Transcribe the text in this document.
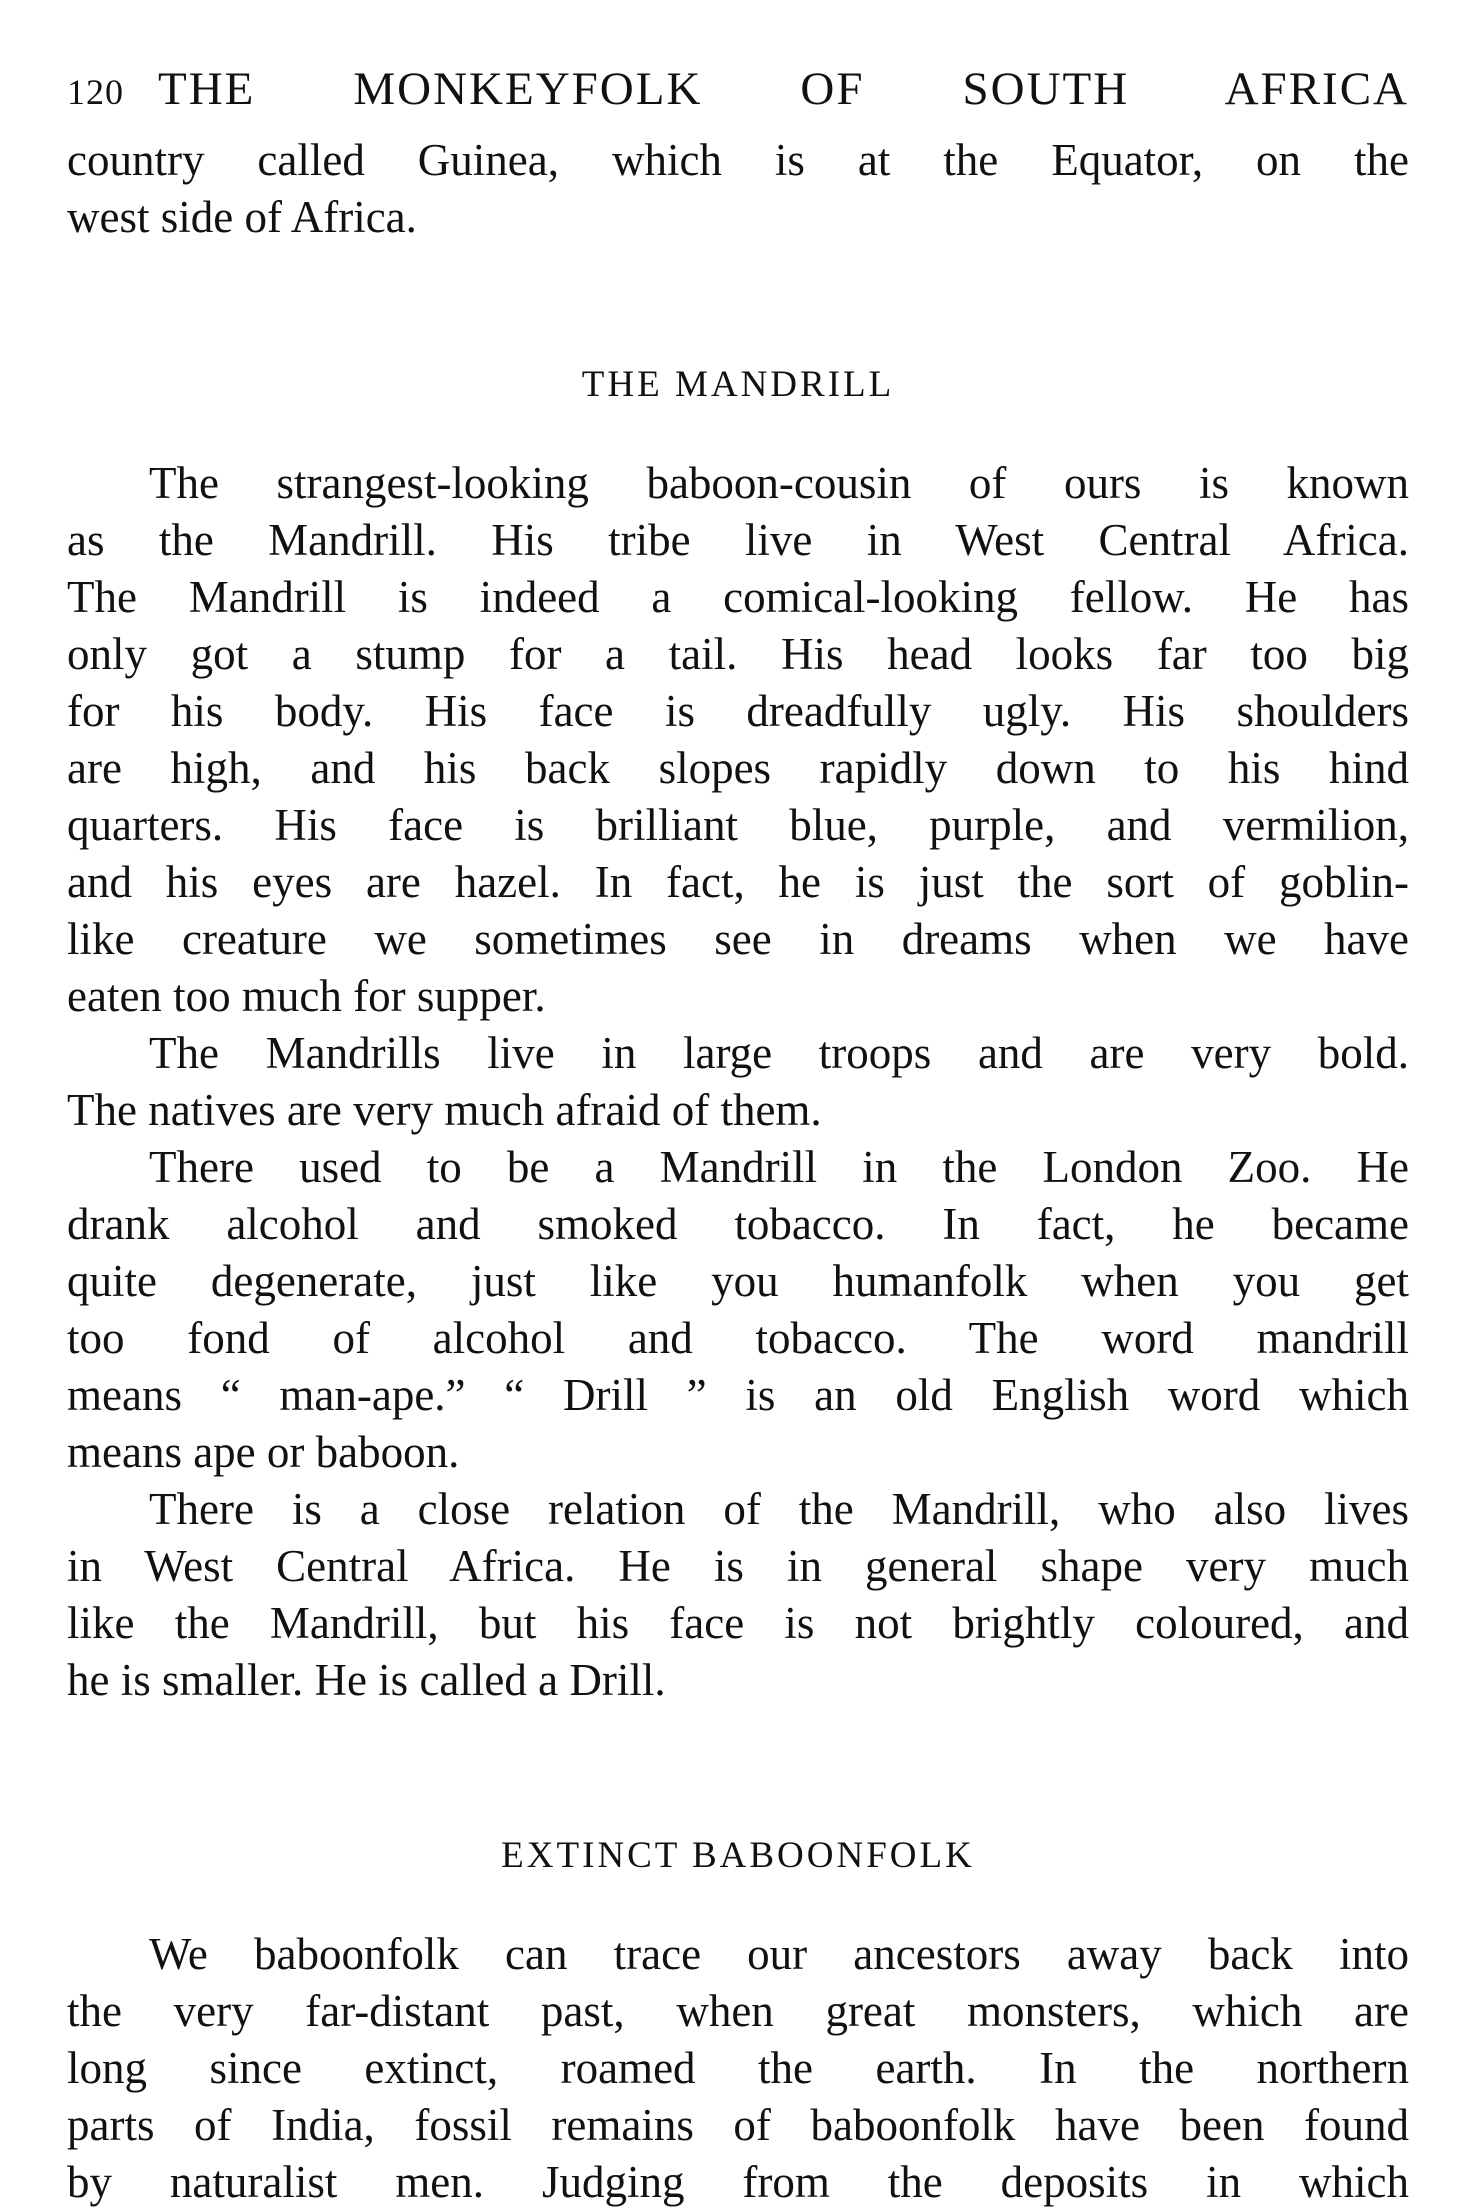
120 THE MONKEYFOLK OF SOUTH AFRICA
country called Guinea, which is at the Equator, on the
west side of Africa.
THE MANDRILL
The strangest-looking baboon-cousin of ours is known
as the Mandrill. His tribe live in West Central Africa.
The Mandrill is indeed a comical-looking fellow. He has
only got a stump for a tail. His head looks far too big
for his body. His face is dreadfully ugly. His shoulders
are high, and his back slopes rapidly down to his hind
quarters. His face is brilliant blue, purple, and vermilion,
and his eyes are hazel. In fact, he is just the sort of goblin-
like creature we sometimes see in dreams when we have
eaten too much for supper.
The Mandrills live in large troops and are very bold.
The natives are very much afraid of them.
There used to be a Mandrill in the London Zoo. He
drank alcohol and smoked tobacco. In fact, he became
quite degenerate, just like you humanfolk when you get
too fond of alcohol and tobacco. The word mandrill
means “ man-ape.” “ Drill ” is an old English word which
means ape or baboon.
There is a close relation of the Mandrill, who also lives
in West Central Africa. He is in general shape very much
like the Mandrill, but his face is not brightly coloured, and
he is smaller. He is called a Drill.
EXTINCT BABOONFOLK
We baboonfolk can trace our ancestors away back into
the very far-distant past, when great monsters, which are
long since extinct, roamed the earth. In the northern
parts of India, fossil remains of baboonfolk have been found
by naturalist men. Judging from the deposits in which
